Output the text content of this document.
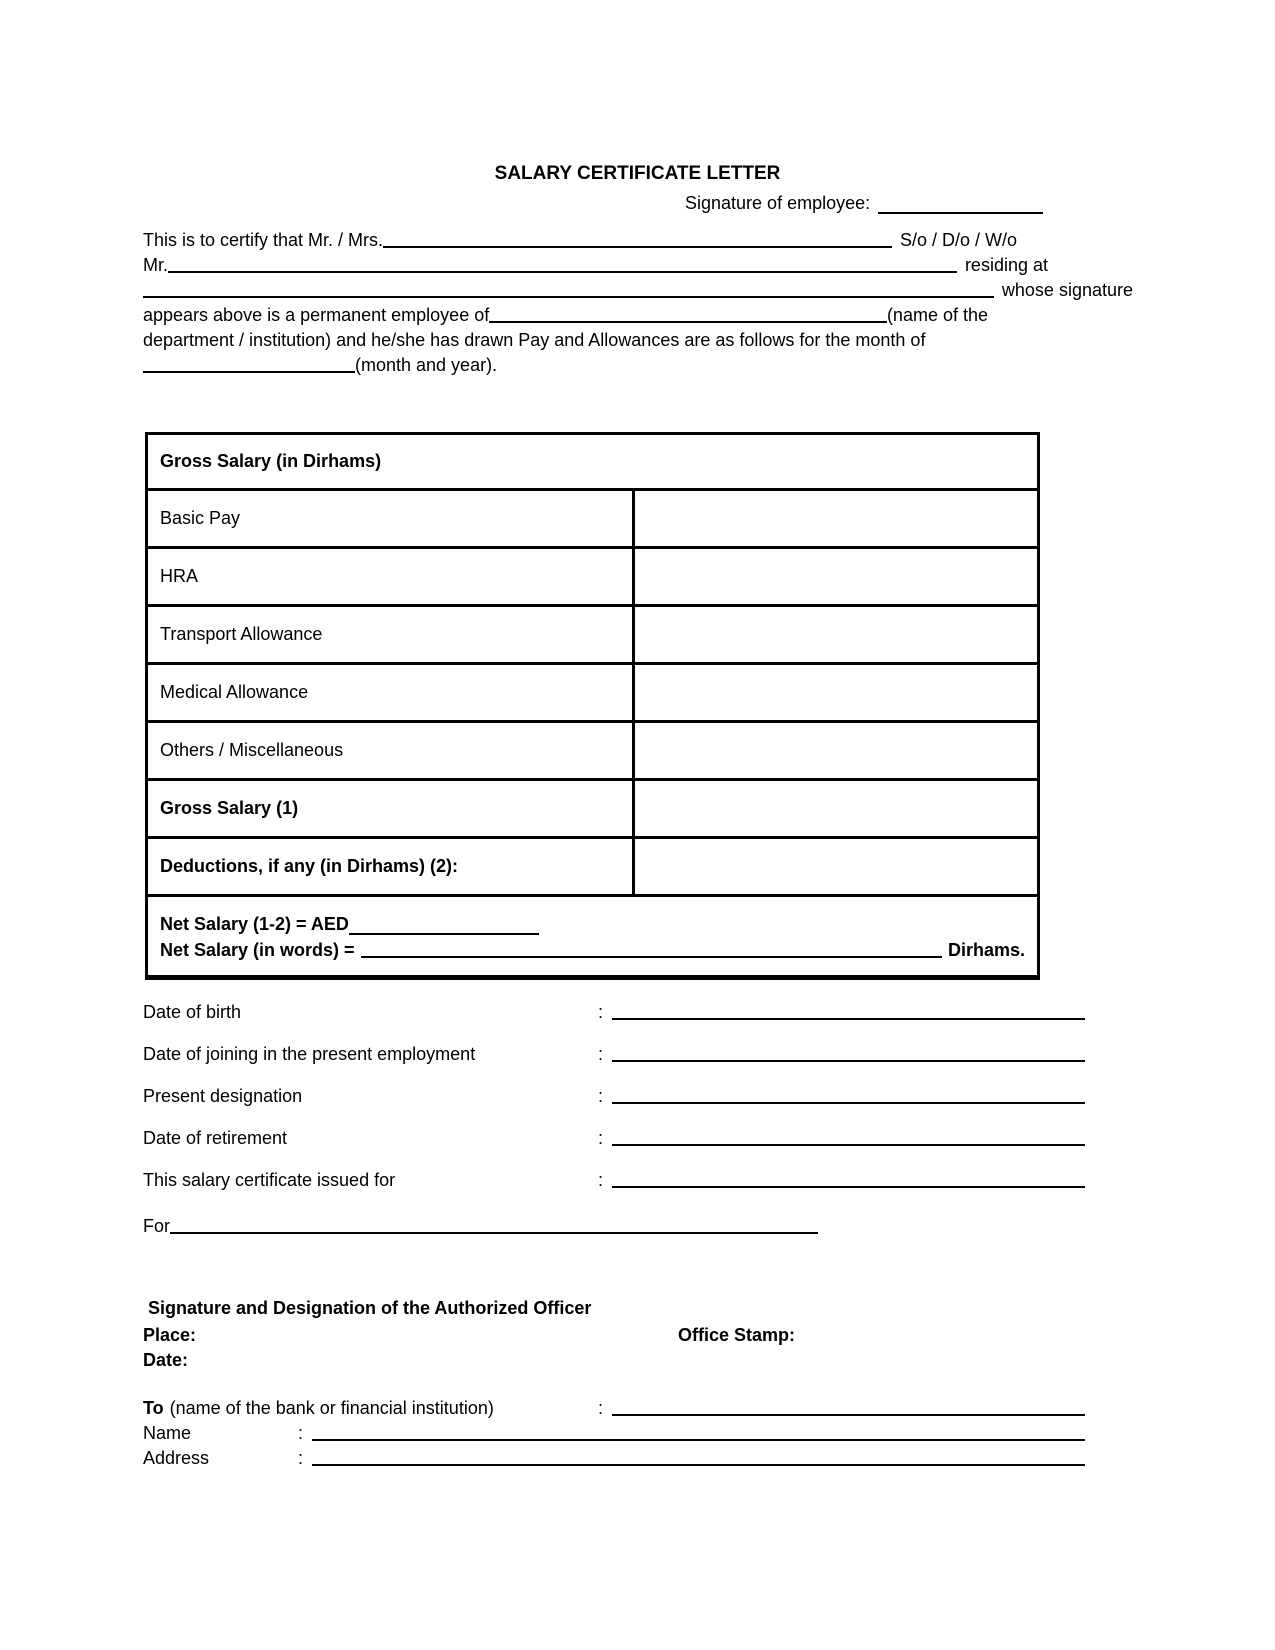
SALARY CERTIFICATE LETTER
Signature of employee:
This is to certify that Mr. / Mrs.	S/o / D/o / W/o
Mr.	residing at
whose signature
appears above is a permanent employee of	(name of the
department / institution) and he/she has drawn Pay and Allowances are as follows for the month of
(month and year).
Gross Salary (in Dirhams)
Basic Pay
HRA
Transport Allowance
Medical Allowance
Others / Miscellaneous
Gross Salary (1)
Deductions, if any (in Dirhams) (2):
Net Salary (1-2) = AED
Net Salary (in words) =	Dirhams.
Date of birth	:
Date of joining in the present employment	:
Present designation	:
Date of retirement	:
This salary certificate issued for	:
For
Signature and Designation of the Authorized Officer
Place:	Office Stamp:
Date:
To (name of the bank or financial institution)	:
Name	:
Address	:
